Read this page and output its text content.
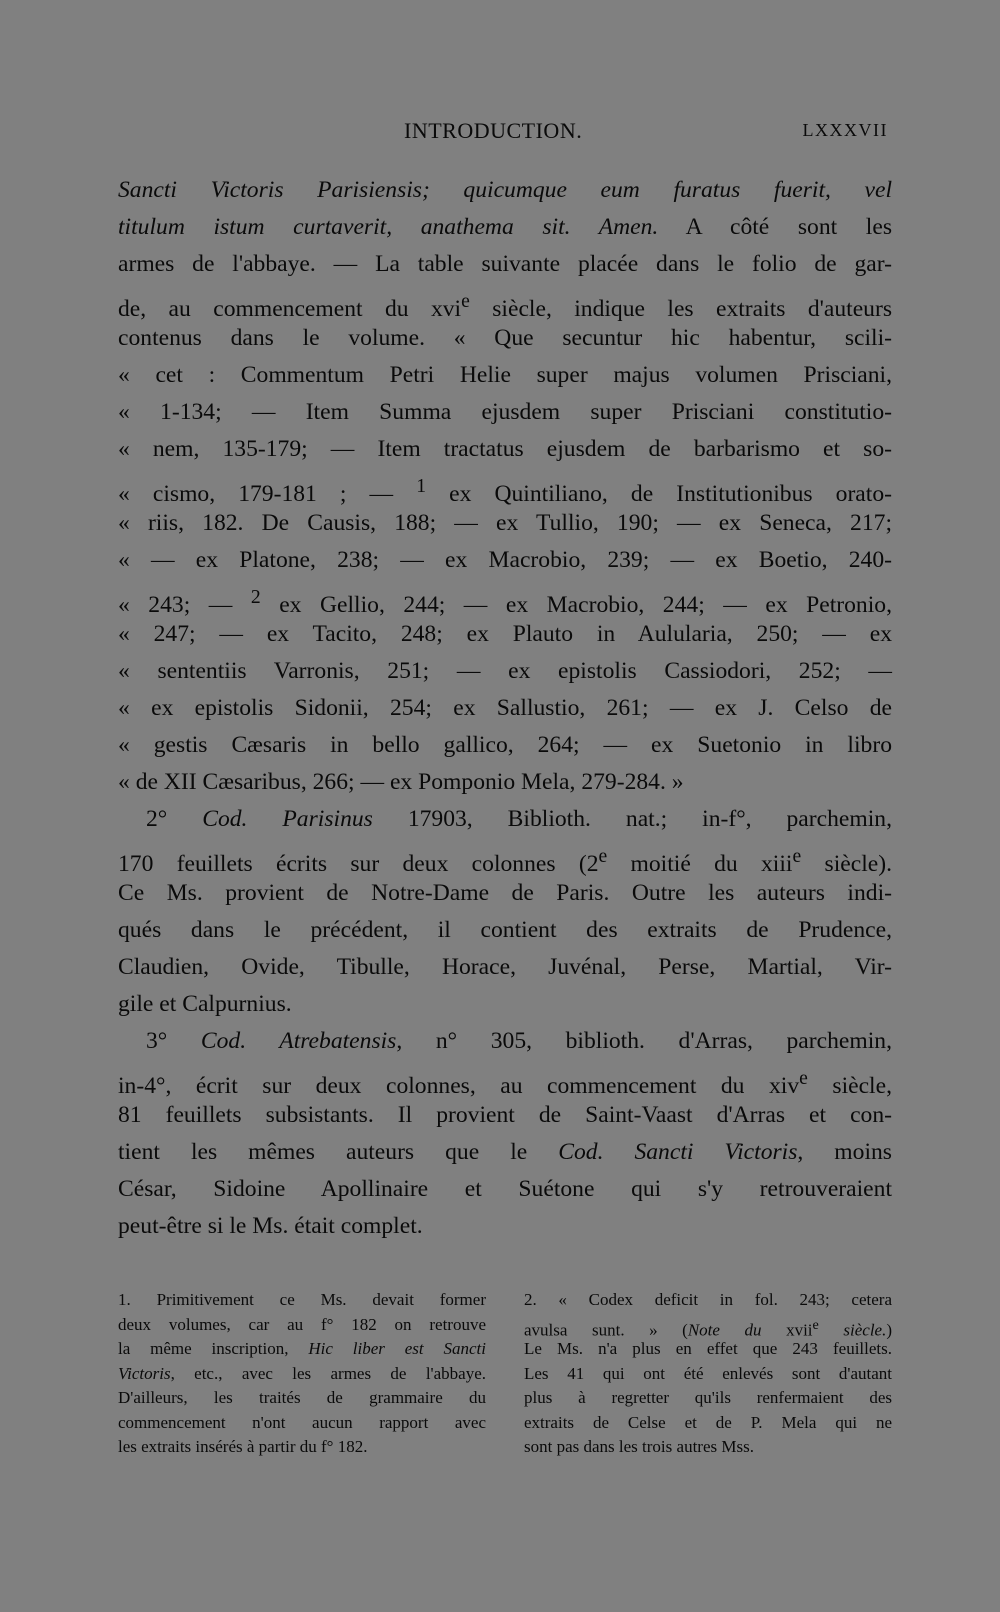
INTRODUCTION.	LXXXVII
Sancti Victoris Parisiensis; quicumque eum furatus fuerit, vel
titulum istum curtaverit, anathema sit. Amen. A côté sont les
armes de l'abbaye. — La table suivante placée dans le folio de gar-
de, au commencement du xvi$^e$ siècle, indique les extraits d'auteurs
contenus dans le volume. « Que secuntur hic habentur, scili-
« cet : Commentum Petri Helie super majus volumen Prisciani,
« 1-134; — Item Summa ejusdem super Prisciani constitutio-
« nem, 135-179; — Item tractatus ejusdem de barbarismo et so-
« cismo, 179-181 ; — $^1$ ex Quintiliano, de Institutionibus orato-
« riis, 182. De Causis, 188; — ex Tullio, 190; — ex Seneca, 217;
« — ex Platone, 238; — ex Macrobio, 239; — ex Boetio, 240-
« 243; — $^2$ ex Gellio, 244; — ex Macrobio, 244; — ex Petronio,
« 247; — ex Tacito, 248; ex Plauto in Aulularia, 250; — ex
« sententiis Varronis, 251; — ex epistolis Cassiodori, 252; —
« ex epistolis Sidonii, 254; ex Sallustio, 261; — ex J. Celso de
« gestis Cæsaris in bello gallico, 264; — ex Suetonio in libro
« de XII Cæsaribus, 266; — ex Pomponio Mela, 279-284. »
2° Cod. Parisinus 17903, Biblioth. nat.; in-f°, parchemin,
170 feuillets écrits sur deux colonnes (2e moitié du xiii$^e$ siècle).
Ce Ms. provient de Notre-Dame de Paris. Outre les auteurs indi-
qués dans le précédent, il contient des extraits de Prudence,
Claudien, Ovide, Tibulle, Horace, Juvénal, Perse, Martial, Vir-
gile et Calpurnius.
3° Cod. Atrebatensis, n° 305, biblioth. d'Arras, parchemin,
in-4°, écrit sur deux colonnes, au commencement du xiv$^e$ siècle,
81 feuillets subsistants. Il provient de Saint-Vaast d'Arras et con-
tient les mêmes auteurs que le Cod. Sancti Victoris, moins
César, Sidoine Apollinaire et Suétone qui s'y retrouveraient
peut-être si le Ms. était complet.
1. Primitivement ce Ms. devait former
deux volumes, car au f° 182 on retrouve
la même inscription, Hic liber est Sancti
Victoris, etc., avec les armes de l'abbaye.
D'ailleurs, les traités de grammaire du
commencement n'ont aucun rapport avec
les extraits insérés à partir du f° 182.
2. « Codex deficit in fol. 243; cetera
avulsa sunt. » (Note du xvii$^e$ siècle.)
Le Ms. n'a plus en effet que 243 feuillets.
Les 41 qui ont été enlevés sont d'autant
plus à regretter qu'ils renfermaient des
extraits de Celse et de P. Mela qui ne
sont pas dans les trois autres Mss.
